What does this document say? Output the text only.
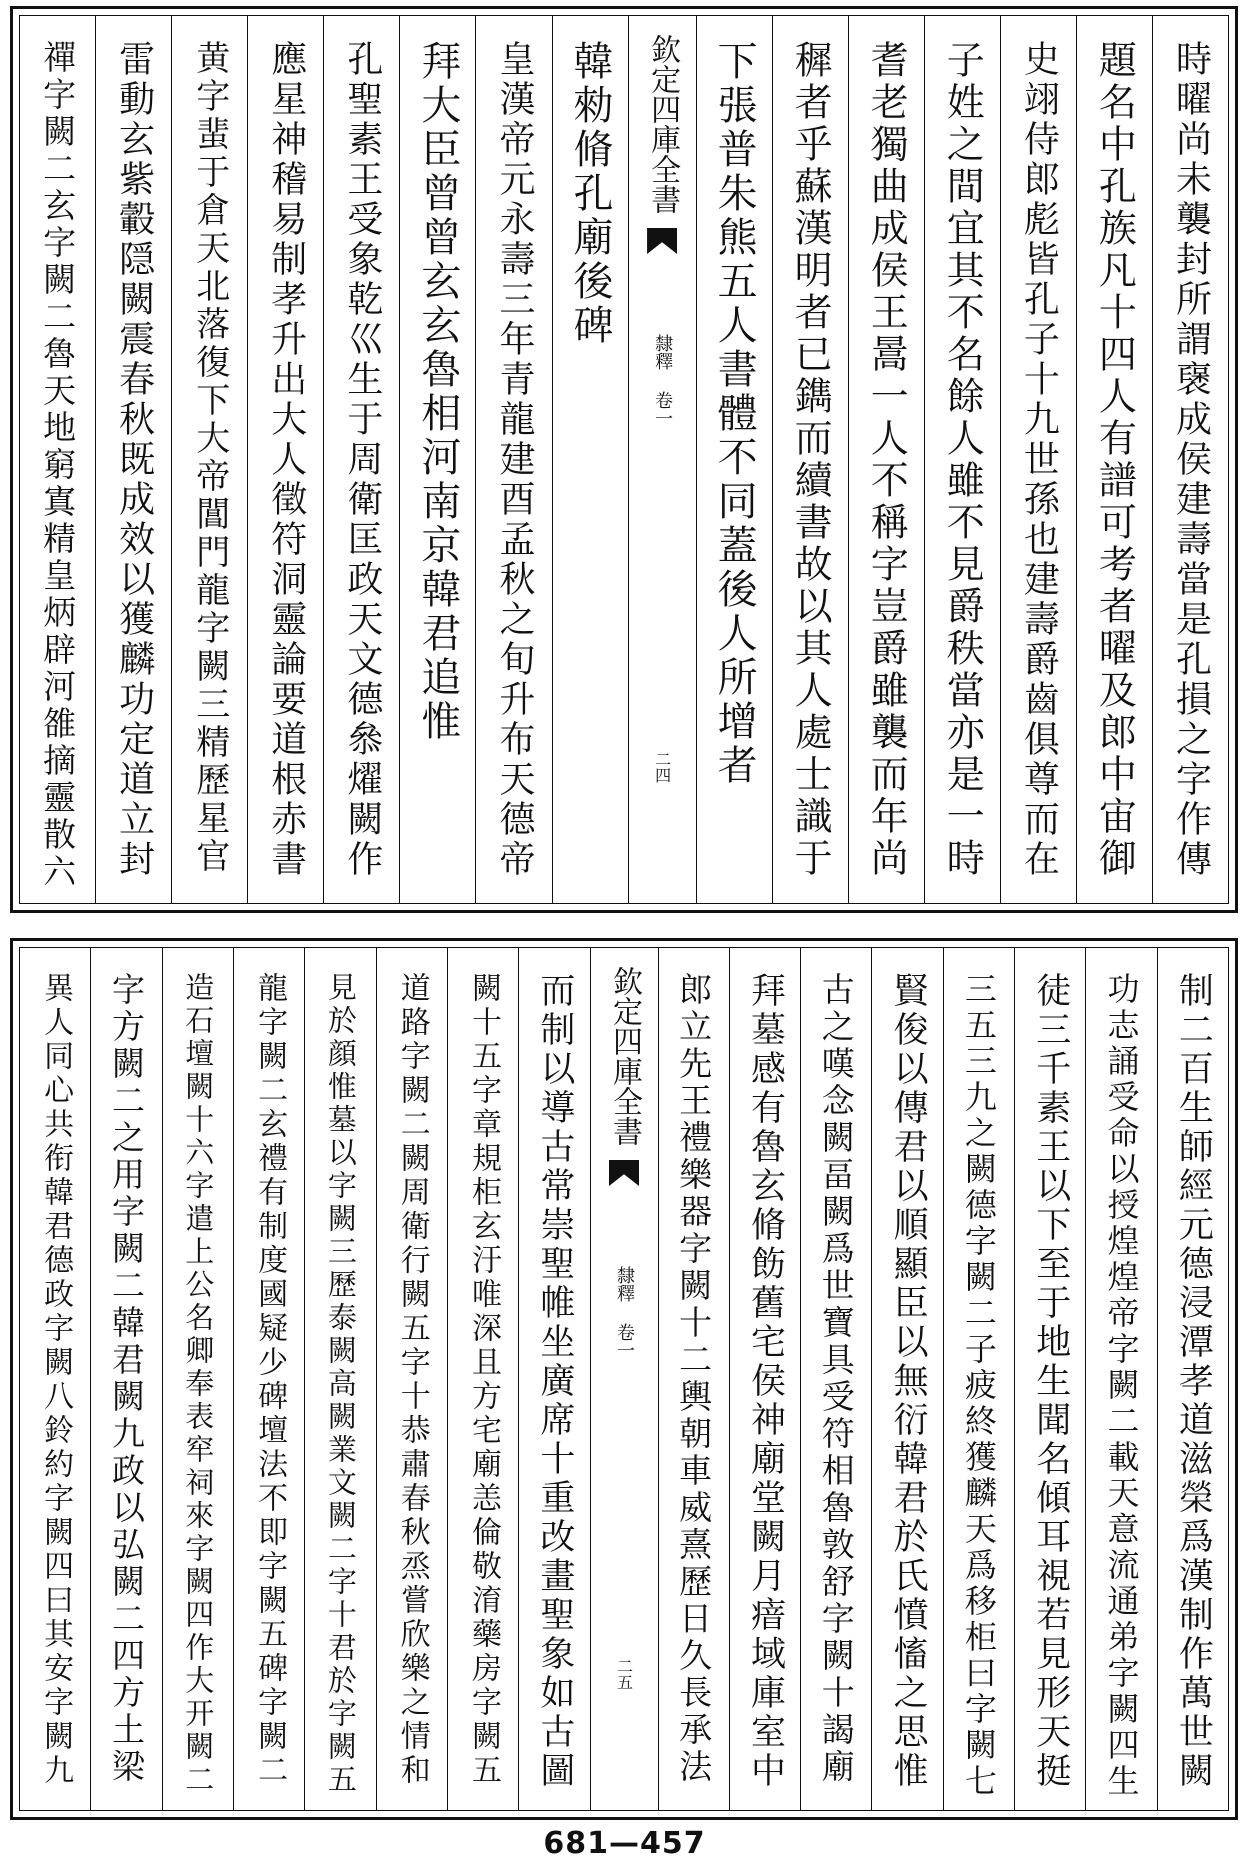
時曜尚未襲封所謂襃成侯建壽當是孔損之字作傳
題名中孔族凡十四人有譜可考者曜及郎中宙御
史翊侍郎彪皆孔子十九世孫也建壽爵齒俱尊而在
子姓之間宜其不名餘人雖不見爵秩當亦是一時
耆老獨曲成侯王暠一人不稱字豈爵雖襲而年尚
穉者乎蘇漢明者已鐫而續書故以其人處士識于
下張普朱熊五人書體不同蓋後人所增者
欽定四庫全書
隸釋 卷一
二四
韓勑脩孔廟後碑
皇漢帝元永壽三年青龍建酉孟秋之旬升布天德帝
拜大臣曾曾玄玄魯相河南京韓君追惟
孔聖素王受象乾巛生于周衛匡政天文德叅燿闕作
應星神稽易制孝升出大人徵符洞靈論要道根赤書
黄字蜚于倉天北落復下大帝閶門龍字闕三精歷星官
雷動玄紫轂隠闕震春秋既成效以獲麟功定道立封
禪字闕二玄字闕二魯天地窮寘精皇炳辟河雒摘靈散六
制二百生師經元德浸潭孝道滋榮爲漢制作萬世闕
功志誦受命以授煌煌帝字闕二載天意流通弟字闕四生
徒三千素王以下至于地生聞名傾耳視若見形天挺
三五三九之闕德字闕二子疲終獲麟天爲移柜曰字闕七
賢俊以傳君以順顯臣以無衍韓君於氏憤慉之思惟
古之嘆念闕畐闕爲世寶具受符相魯敦舒字闕十謁廟
拜墓感有魯玄脩飭舊宅侯神廟堂闕月瘖域庫室中
郎立先王禮樂器字闕十二輿朝車威熹歷日久長承法
欽定四庫全書
隸釋 卷一
二五
而制以導古常崇聖帷坐廣席十重改畫聖象如古圖
闕十五字章規柜玄汙唯深且方宅廟恙倫敬淯藥房字闕五
道路字闕二闕周衛行闕五字十恭肅春秋烝嘗欣樂之情和
見於顔惟墓以字闕三歷泰闕高闕業文闕二字十君於字闕五
龍字闕二玄禮有制度國疑少碑壇法不即字闕五碑字闕二
造石壇闕十六字遣上公名卿奉表窂祠來字闕四作大开闕二
字方闕二之用字闕二韓君闕九政以弘闕二四方土梁
異人同心共衔韓君德政字闕八鈴約字闕四曰其安字闕九
681—457
